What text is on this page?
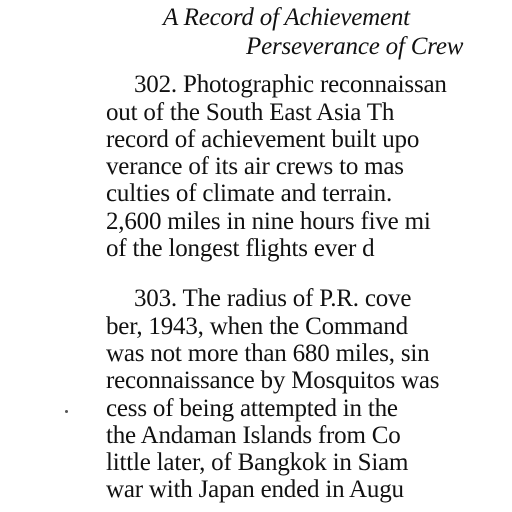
A Record of Achievement
Perseverance of Crew
302. Photographic reconnaissan
out of the South East Asia Th
record of achievement built upo
verance of its air crews to mas
culties of climate and terrain.
2,600 miles in nine hours five mi
of the longest flights ever d
303. The radius of P.R. cove
ber, 1943, when the Command
was not more than 680 miles, sin
reconnaissance by Mosquitos was
cess of being attempted in the
the Andaman Islands from Co
little later, of Bangkok in Siam
war with Japan ended in Augu
